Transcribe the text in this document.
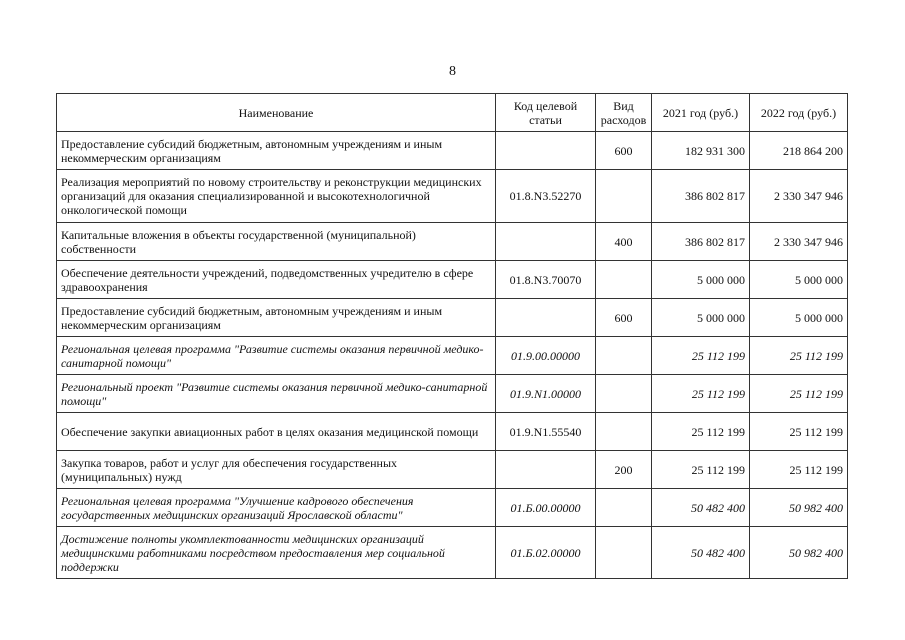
8
Наименование	Код целевой статьи	Вид расходов	2021 год (руб.)	2022 год (руб.)
Предоставление субсидий бюджетным, автономным учреждениям и иным некоммерческим организациям		600	182 931 300	218 864 200
Реализация мероприятий по новому строительству и реконструкции медицинских организаций для оказания специализированной и высокотехнологичной онкологической помощи	01.8.N3.52270		386 802 817	2 330 347 946
Капитальные вложения в объекты государственной (муниципальной) собственности		400	386 802 817	2 330 347 946
Обеспечение деятельности учреждений, подведомственных учредителю в сфере здравоохранения	01.8.N3.70070		5 000 000	5 000 000
Предоставление субсидий бюджетным, автономным учреждениям и иным некоммерческим организациям		600	5 000 000	5 000 000
Региональная целевая программа "Развитие системы оказания первичной медико-санитарной помощи"	01.9.00.00000		25 112 199	25 112 199
Региональный проект "Развитие системы оказания первичной медико-санитарной помощи"	01.9.N1.00000		25 112 199	25 112 199
Обеспечение закупки авиационных работ в целях оказания медицинской помощи	01.9.N1.55540		25 112 199	25 112 199
Закупка товаров, работ и услуг для обеспечения государственных (муниципальных) нужд		200	25 112 199	25 112 199
Региональная целевая программа "Улучшение кадрового обеспечения государственных медицинских организаций Ярославской области"	01.Б.00.00000		50 482 400	50 982 400
Достижение полноты укомплектованности медицинских организаций медицинскими работниками посредством предоставления мер социальной поддержки	01.Б.02.00000		50 482 400	50 982 400
